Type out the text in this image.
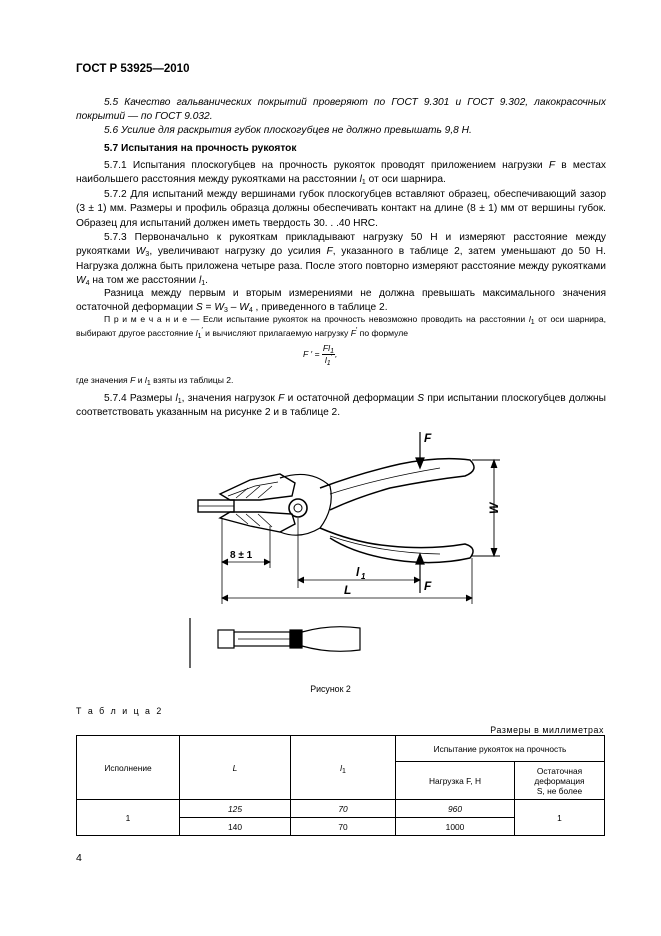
ГОСТ Р 53925—2010

5.5 Качество гальванических покрытий проверяют по ГОСТ 9.301 и ГОСТ 9.302, лакокрасочных покрытий — по ГОСТ 9.032.

5.6 Усилие для раскрытия губок плоскогубцев не должно превышать 9,8 Н.

5.7 Испытания на прочность рукояток

5.7.1 Испытания плоскогубцев на прочность рукояток проводят приложением нагрузки F в местах наибольшего расстояния между рукоятками на расстоянии $l_1$ от оси шарнира.

5.7.2 Для испытаний между вершинами губок плоскогубцев вставляют образец, обеспечивающий зазор (3 ± 1) мм. Размеры и профиль образца должны обеспечивать контакт на длине (8 ± 1) мм от вершины губок. Образец для испытаний должен иметь твердость 30. . .40 HRC.

5.7.3 Первоначально к рукояткам прикладывают нагрузку 50 Н и измеряют расстояние между рукоятками $W_3$, увеличивают нагрузку до усилия F, указанного в таблице 2, затем уменьшают до 50 Н. Нагрузка должна быть приложена четыре раза. После этого повторно измеряют расстояние между рукоятками $W_4$ на том же расстоянии $l_1$.

Разница между первым и вторым измерениями не должна превышать максимального значения остаточной деформации $S = W_3 - W_4$ , приведенного в таблице 2.

П р и м е ч а н и е — Если испытание рукояток на прочность невозможно проводить на расстоянии $l_1$ от оси шарнира, выбирают другое расстояние $l_1'$ и вычисляют прилагаемую нагрузку F′ по формуле

F ′ = $\frac{Fl_1}{l_1'}$ ,

где значения F и $l_1$ взяты из таблицы 2.

5.7.4 Размеры $l_1$, значения нагрузок F и остаточной деформации S при испытании плоскогубцев должны соответствовать указанным на рисунке 2 и в таблице 2.

F
F
W
8 ± 1
l 1
L
Рисунок 2
Т а б л и ц а 2
Размеры в миллиметрах
Исполнение	L	$l_1$	Испытание рукояток на прочность	
			Нагрузка F, Н	Остаточная деформация
S, не более
1	125	70	960	1
	140	70	1000	
4
